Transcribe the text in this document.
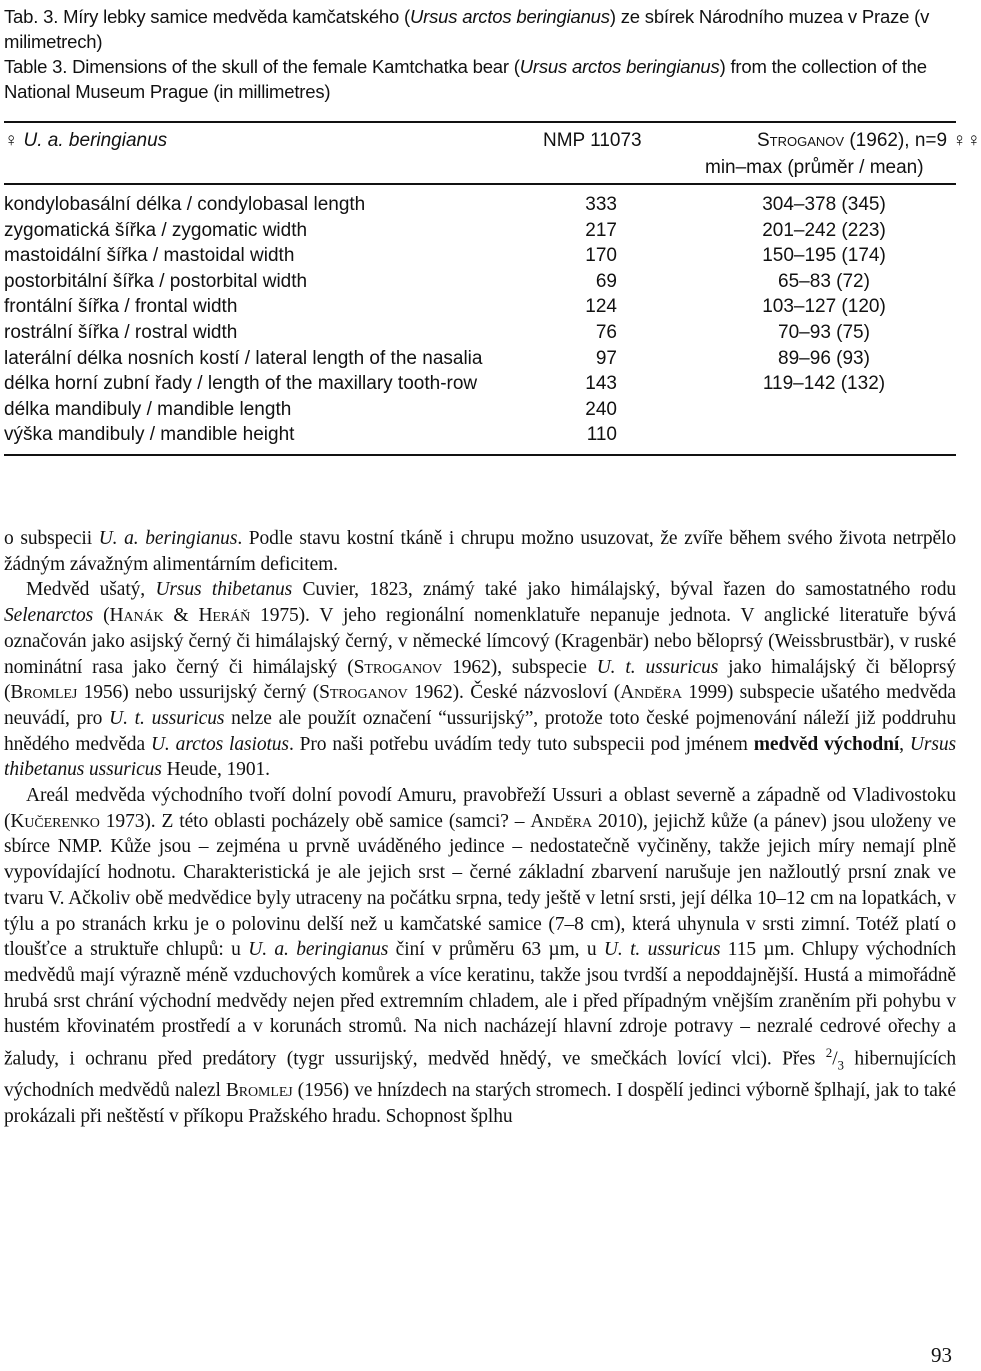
Tab. 3. Míry lebky samice medvěda kamčatského (Ursus arctos beringianus) ze sbírek Národního muzea v Praze (v milimetrech)

Table 3. Dimensions of the skull of the female Kamtchatka bear (Ursus arctos beringianus) from the collection of the National Museum Prague (in millimetres)

♀ U. a. beringianus	NMP 11073	Stroganov (1962), n=9 ♀♀
min–max (průměr / mean)
kondylobasální délka / condylobasal length	333	304–378 (345)
zygomatická šířka / zygomatic width	217	201–242 (223)
mastoidální šířka / mastoidal width	170	150–195 (174)
postorbitální šířka / postorbital width	69	65–83 (72)
frontální šířka / frontal width	124	103–127 (120)
rostrální šířka / rostral width	76	70–93 (75)
laterální délka nosních kostí / lateral length of the nasalia	97	89–96 (93)
délka horní zubní řady / length of the maxillary tooth-row	143	119–142 (132)
délka mandibuly / mandible length	240
výška mandibuly / mandible height	110

o subspecii U. a. beringianus. Podle stavu kostní tkáně i chrupu možno usuzovat, že zvíře během svého života netrpělo žádným závažným alimentárním deficitem.

Medvěd ušatý, Ursus thibetanus Cuvier, 1823, známý také jako himálajský, býval řazen do samostatného rodu Selenarctos (Hanák & Heráň 1975). V jeho regionální nomenklatuře nepanuje jednota. V anglické literatuře bývá označován jako asijský černý či himálajský černý, v německé límcový (Kragenbär) nebo běloprsý (Weissbrustbär), v ruské nominátní rasa jako černý či himálajský (Stroganov 1962), subspecie U. t. ussuricus jako himalájský či běloprsý (Bromlej 1956) nebo ussurijský černý (Stroganov 1962). České názvosloví (Anděra 1999) subspecie ušatého medvěda neuvádí, pro U. t. ussuricus nelze ale použít označení “ussurijský”, protože toto české pojmenování náleží již poddruhu hnědého medvěda U. arctos lasiotus. Pro naši potřebu uvádím tedy tuto subspecii pod jménem medvěd východní, Ursus thibetanus ussuricus Heude, 1901.

Areál medvěda východního tvoří dolní povodí Amuru, pravobřeží Ussuri a oblast severně a západně od Vladivostoku (Kučerenko 1973). Z této oblasti pocházely obě samice (samci? – Anděra 2010), jejichž kůže (a pánev) jsou uloženy ve sbírce NMP. Kůže jsou – zejména u prvně uváděného jedince – nedostatečně vyčiněny, takže jejich míry nemají plně vypovídající hodnotu. Charakteristická je ale jejich srst – černé základní zbarvení narušuje jen nažloutlý prsní znak ve tvaru V. Ačkoliv obě medvědice byly utraceny na počátku srpna, tedy ještě v letní srsti, její délka 10–12 cm na lopatkách, v týlu a po stranách krku je o polovinu delší než u kamčatské samice (7–8 cm), která uhynula v srsti zimní. Totéž platí o tloušťce a struktuře chlupů: u U. a. beringianus činí v průměru 63 µm, u U. t. ussuricus 115 µm. Chlupy východních medvědů mají výrazně méně vzduchových komůrek a více keratinu, takže jsou tvrdší a nepoddajnější. Hustá a mimořádně hrubá srst chrání východní medvědy nejen před extremním chladem, ale i před případným vnějším zraněním při pohybu v hustém křovinatém prostředí a v korunách stromů. Na nich nacházejí hlavní zdroje potravy – nezralé cedrové ořechy a žaludy, i ochranu před predátory (tygr ussurijský, medvěd hnědý, ve smečkách lovící vlci). Přes $^2/_3$ hibernujících východních medvědů nalezl Bromlej (1956) ve hnízdech na starých stromech. I dospělí jedinci výborně šplhají, jak to také prokázali při neštěstí v příkopu Pražského hradu. Schopnost šplhu

93
